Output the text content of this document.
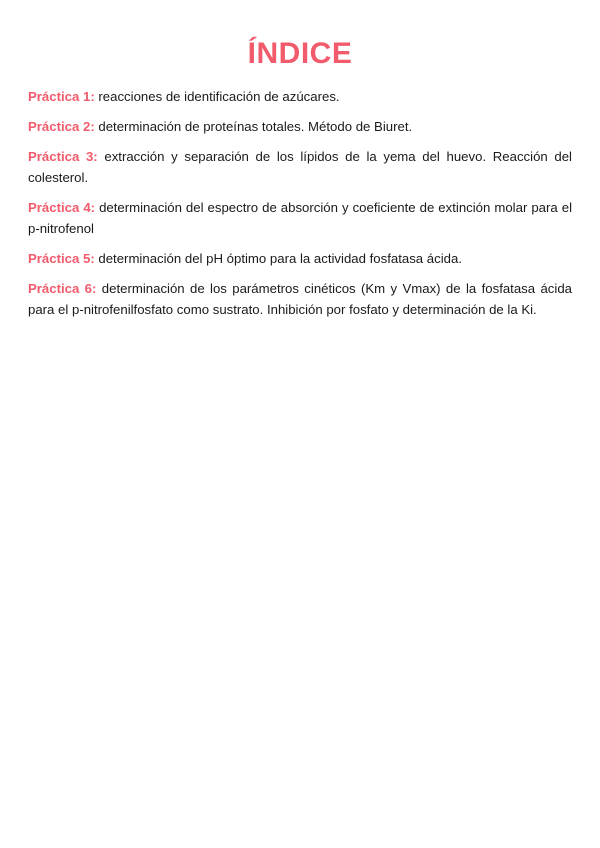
ÍNDICE
Práctica 1: reacciones de identificación de azúcares.
Práctica 2: determinación de proteínas totales. Método de Biuret.
Práctica 3: extracción y separación de los lípidos de la yema del huevo. Reacción del colesterol.
Práctica 4: determinación del espectro de absorción y coeficiente de extinción molar para el p-nitrofenol
Práctica 5: determinación del pH óptimo para la actividad fosfatasa ácida.
Práctica 6: determinación de los parámetros cinéticos (Km y Vmax) de la fosfatasa ácida para el p-nitrofenilfosfato como sustrato. Inhibición por fosfato y determinación de la Ki.
